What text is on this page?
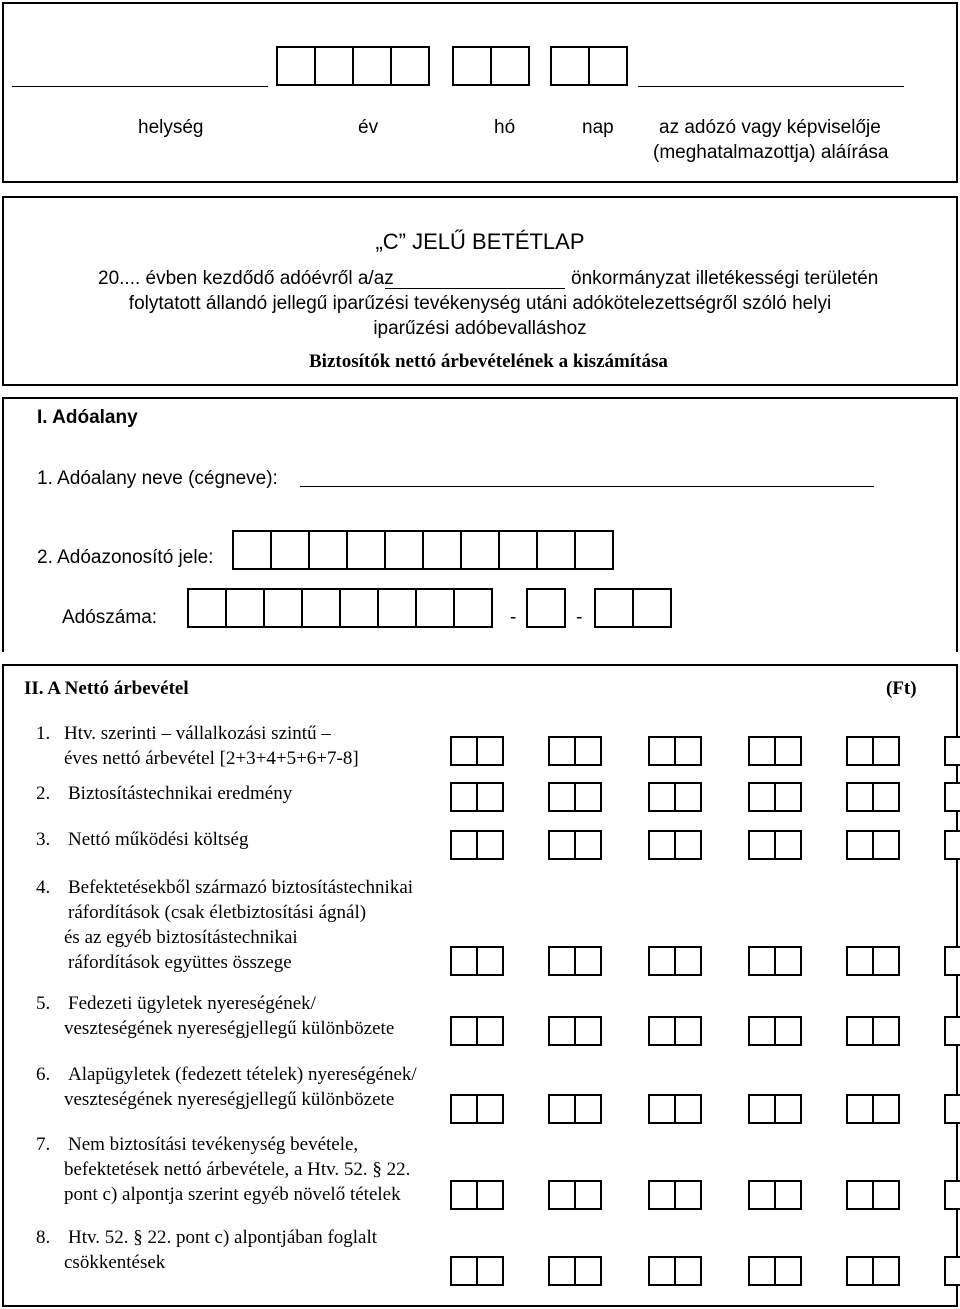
helység	év	hó	nap az adózó vagy képviselője
(meghatalmazottja) aláírása
„C” JELŰ BETÉTLAP
20.... évben kezdődő adóévről a/az	önkormányzat illetékességi területén
folytatott állandó jellegű iparűzési tevékenység utáni adókötelezettségről szóló helyi
iparűzési adóbevalláshoz
Biztosítók nettó árbevételének a kiszámítása
I. Adóalany
1. Adóalany neve (cégneve):
2. Adóazonosító jele:
Adószáma:	-	-
II. A Nettó árbevétel	(Ft)
1. Htv. szerinti – vállalkozási szintű –
éves nettó árbevétel [2+3+4+5+6+7-8]
2. Biztosítástechnikai eredmény
3. Nettó működési költség
4. Befektetésekből származó biztosítástechnikai
ráfordítások (csak életbiztosítási ágnál)
és az egyéb biztosítástechnikai
ráfordítások együttes összege
5. Fedezeti ügyletek nyereségének/
veszteségének nyereségjellegű különbözete
6. Alapügyletek (fedezett tételek) nyereségének/
veszteségének nyereségjellegű különbözete
7. Nem biztosítási tevékenység bevétele,
befektetések nettó árbevétele, a Htv. 52. § 22.
pont c) alpontja szerint egyéb növelő tételek
8. Htv. 52. § 22. pont c) alpontjában foglalt
csökkentések
